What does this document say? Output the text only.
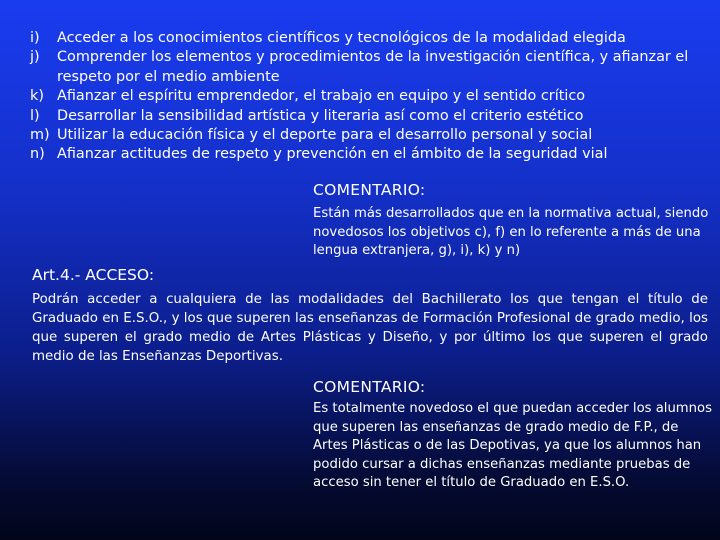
i)	Acceder a los conocimientos científicos y tecnológicos de la modalidad elegida
j)	Comprender los elementos y procedimientos de la investigación científica, y afianzar el respeto por el medio ambiente
k) Afianzar el espíritu emprendedor, el trabajo en equipo y el sentido crítico
l)	Desarrollar la sensibilidad artística y literaria así como el criterio estético
m) Utilizar la educación física y el deporte para el desarrollo personal y social
n) Afianzar actitudes de respeto y prevención en el ámbito de la seguridad vial
COMENTARIO:
Están más desarrollados que en la normativa actual, siendo novedosos los objetivos c), f) en lo referente a más de una lengua extranjera, g), i), k) y n)
Art.4.- ACCESO:
Podrán acceder a cualquiera de las modalidades del Bachillerato los que tengan el título de Graduado en E.S.O., y los que superen las enseñanzas de Formación Profesional de grado medio, los que superen el grado medio de Artes Plásticas y Diseño, y por último los que superen el grado medio de las Enseñanzas Deportivas.
COMENTARIO:
Es totalmente novedoso el que puedan acceder los alumnos que superen las enseñanzas de grado medio de F.P., de Artes Plásticas o de las Depotivas, ya que los alumnos han podido cursar a dichas enseñanzas mediante pruebas de acceso sin tener el título de Graduado en E.S.O.
